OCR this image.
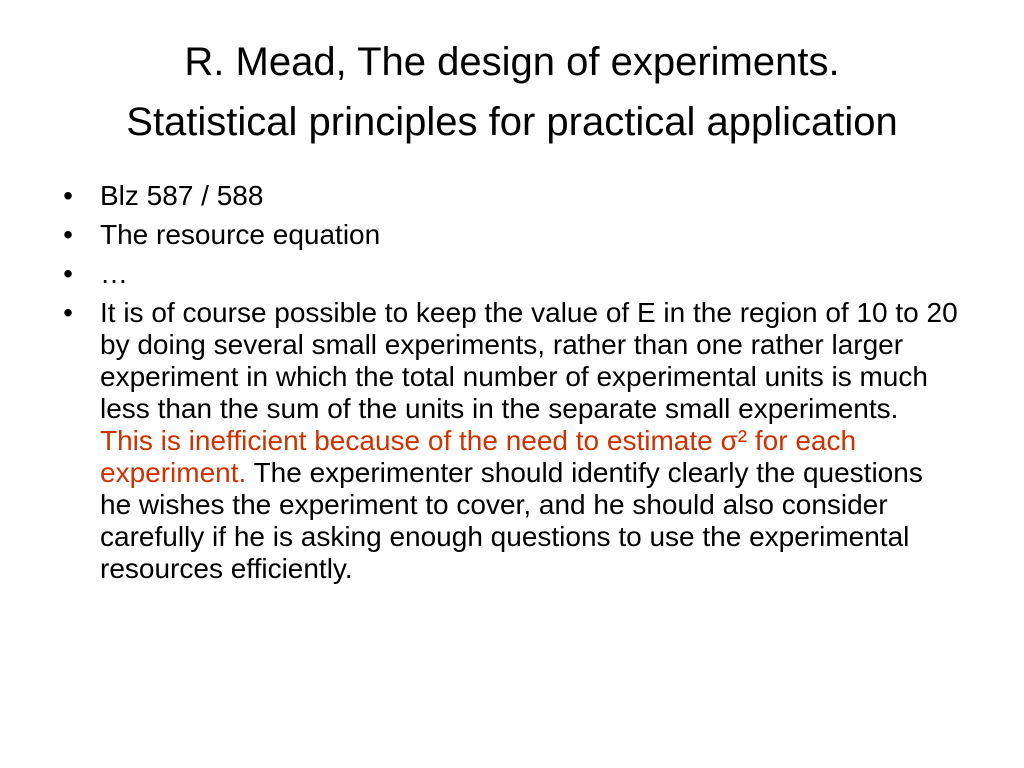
R. Mead, The design of experiments.
Statistical principles for practical application
• Blz 587 / 588
• The resource equation
• …
• It is of course possible to keep the value of E in the region of 10 to 20 by doing several small experiments, rather than one rather larger experiment in which the total number of experimental units is much less than the sum of the units in the separate small experiments. This is inefficient because of the need to estimate σ² for each experiment. The experimenter should identify clearly the questions he wishes the experiment to cover, and he should also consider carefully if he is asking enough questions to use the experimental resources efficiently.
